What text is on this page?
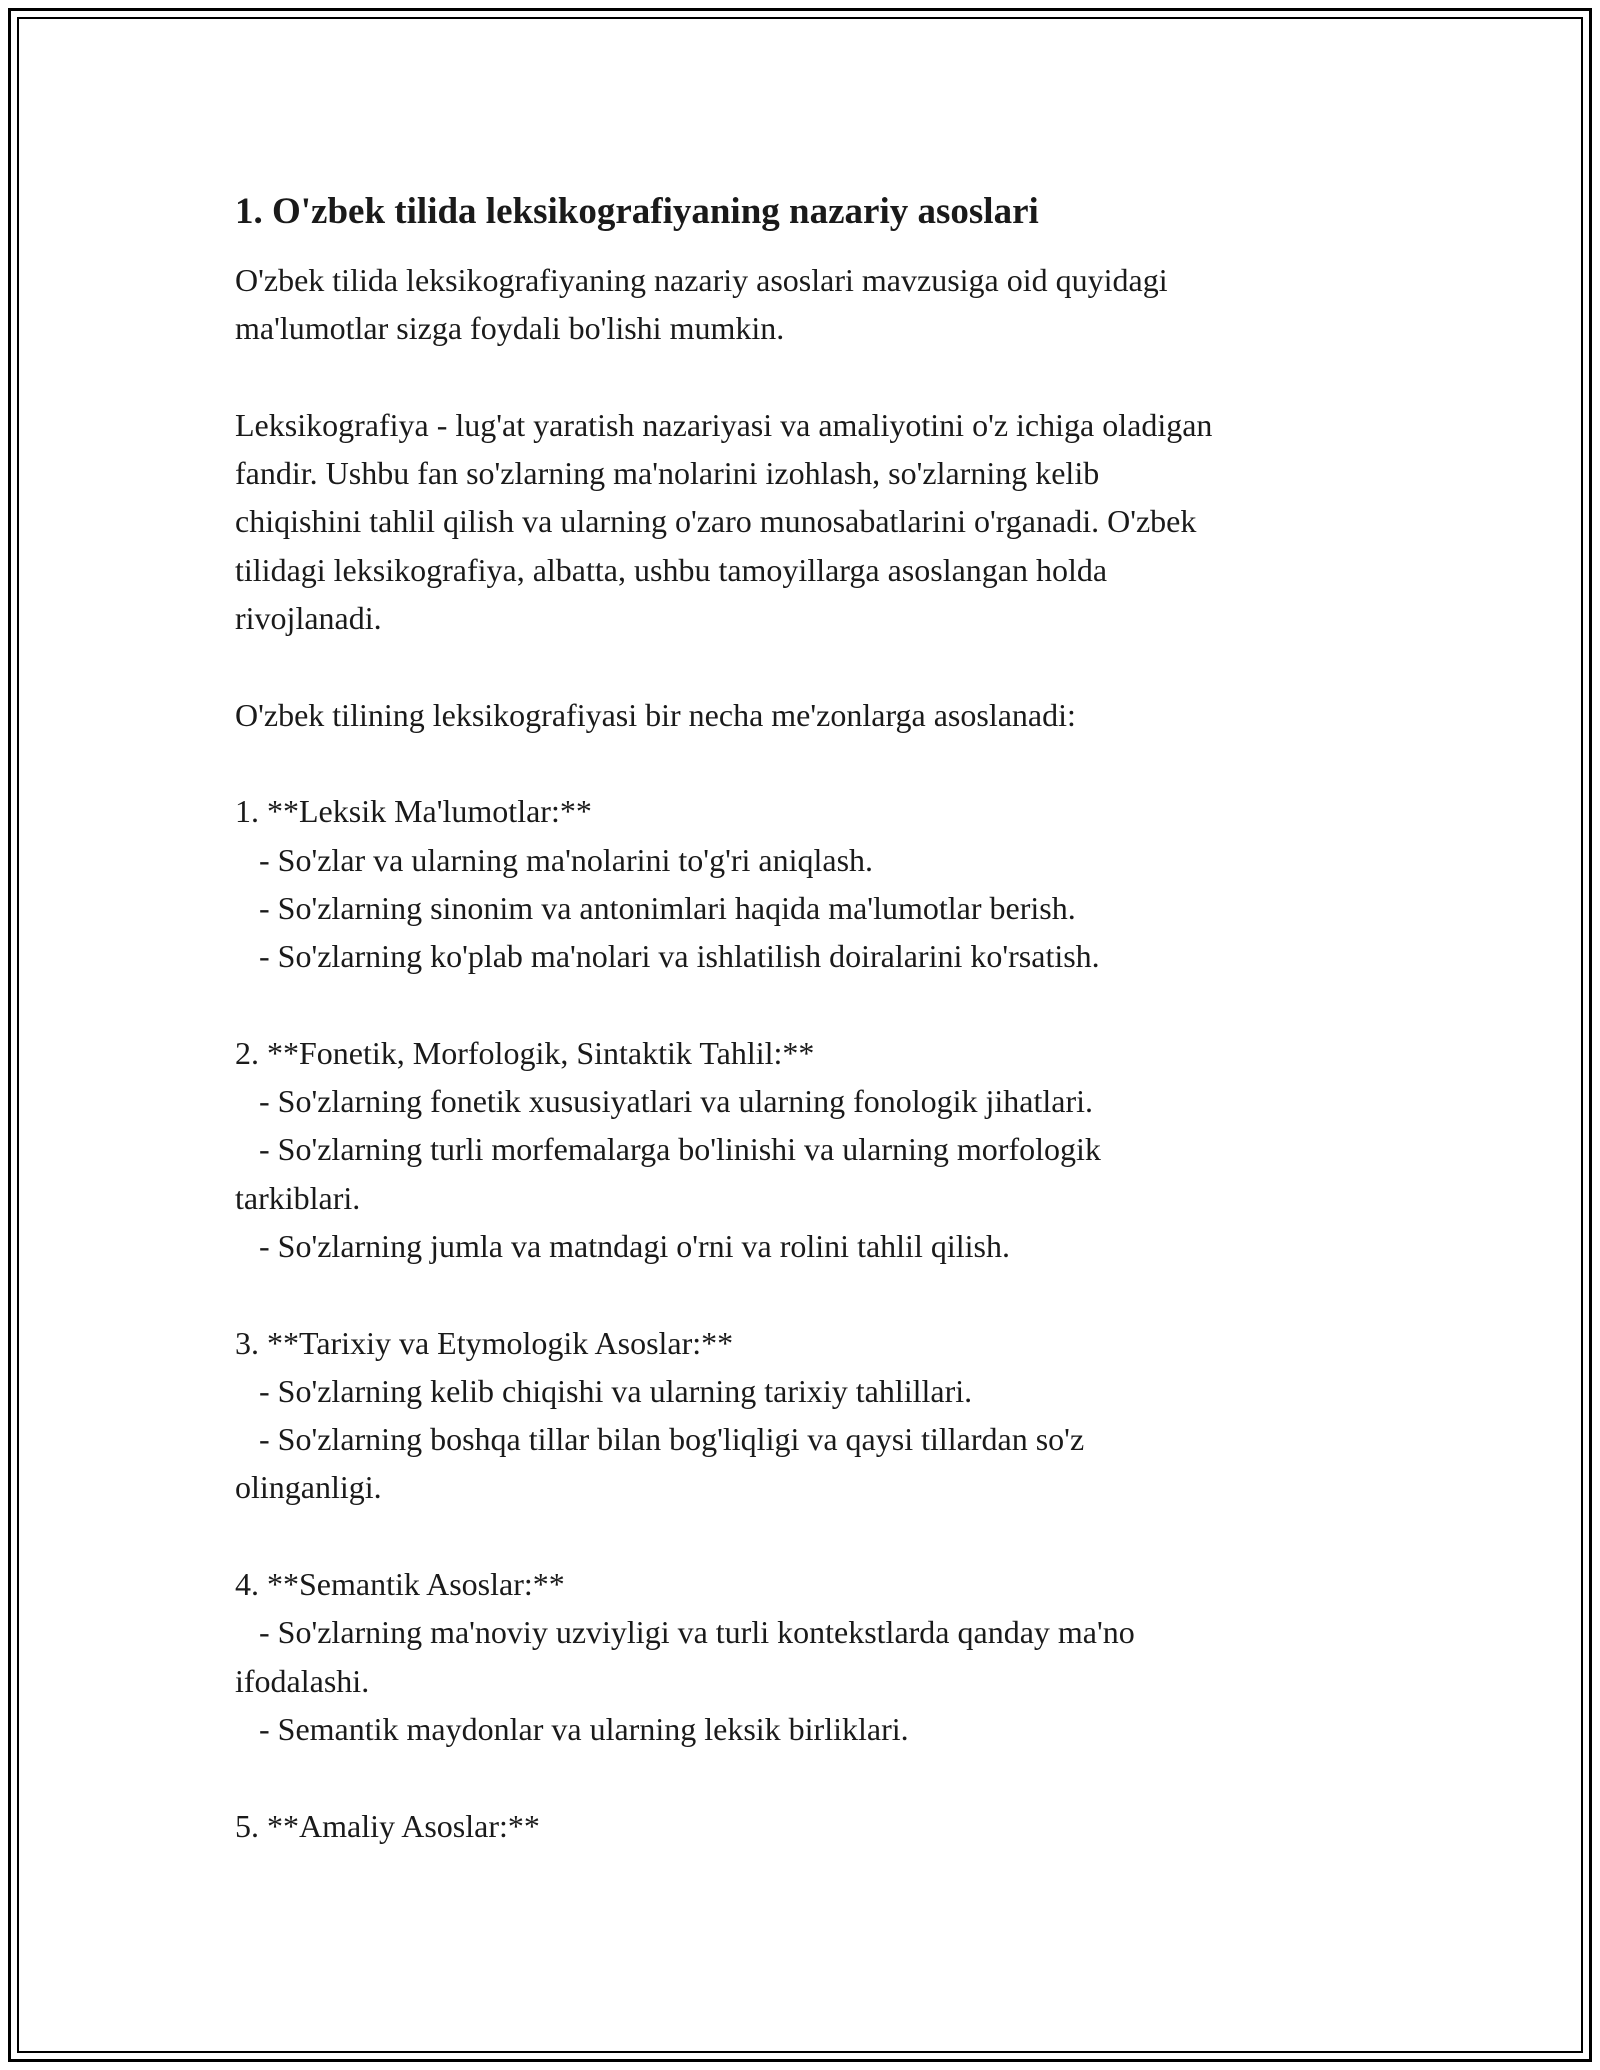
1. O'zbek tilida leksikografiyaning nazariy asoslari

O'zbek tilida leksikografiyaning nazariy asoslari mavzusiga oid quyidagi
ma'lumotlar sizga foydali bo'lishi mumkin.

Leksikografiya - lug'at yaratish nazariyasi va amaliyotini o'z ichiga oladigan
fandir. Ushbu fan so'zlarning ma'nolarini izohlash, so'zlarning kelib
chiqishini tahlil qilish va ularning o'zaro munosabatlarini o'rganadi. O'zbek
tilidagi leksikografiya, albatta, ushbu tamoyillarga asoslangan holda
rivojlanadi.

O'zbek tilining leksikografiyasi bir necha me'zonlarga asoslanadi:

1. **Leksik Ma'lumotlar:**

- So'zlar va ularning ma'nolarini to'g'ri aniqlash.

- So'zlarning sinonim va antonimlari haqida ma'lumotlar berish.

- So'zlarning ko'plab ma'nolari va ishlatilish doiralarini ko'rsatish.

2. **Fonetik, Morfologik, Sintaktik Tahlil:**

- So'zlarning fonetik xususiyatlari va ularning fonologik jihatlari.

- So'zlarning turli morfemalarga bo'linishi va ularning morfologik
tarkiblari.

- So'zlarning jumla va matndagi o'rni va rolini tahlil qilish.

3. **Tarixiy va Etymologik Asoslar:**

- So'zlarning kelib chiqishi va ularning tarixiy tahlillari.

- So'zlarning boshqa tillar bilan bog'liqligi va qaysi tillardan so'z
olinganligi.

4. **Semantik Asoslar:**

- So'zlarning ma'noviy uzviyligi va turli kontekstlarda qanday ma'no
ifodalashi.

- Semantik maydonlar va ularning leksik birliklari.

5. **Amaliy Asoslar:**
